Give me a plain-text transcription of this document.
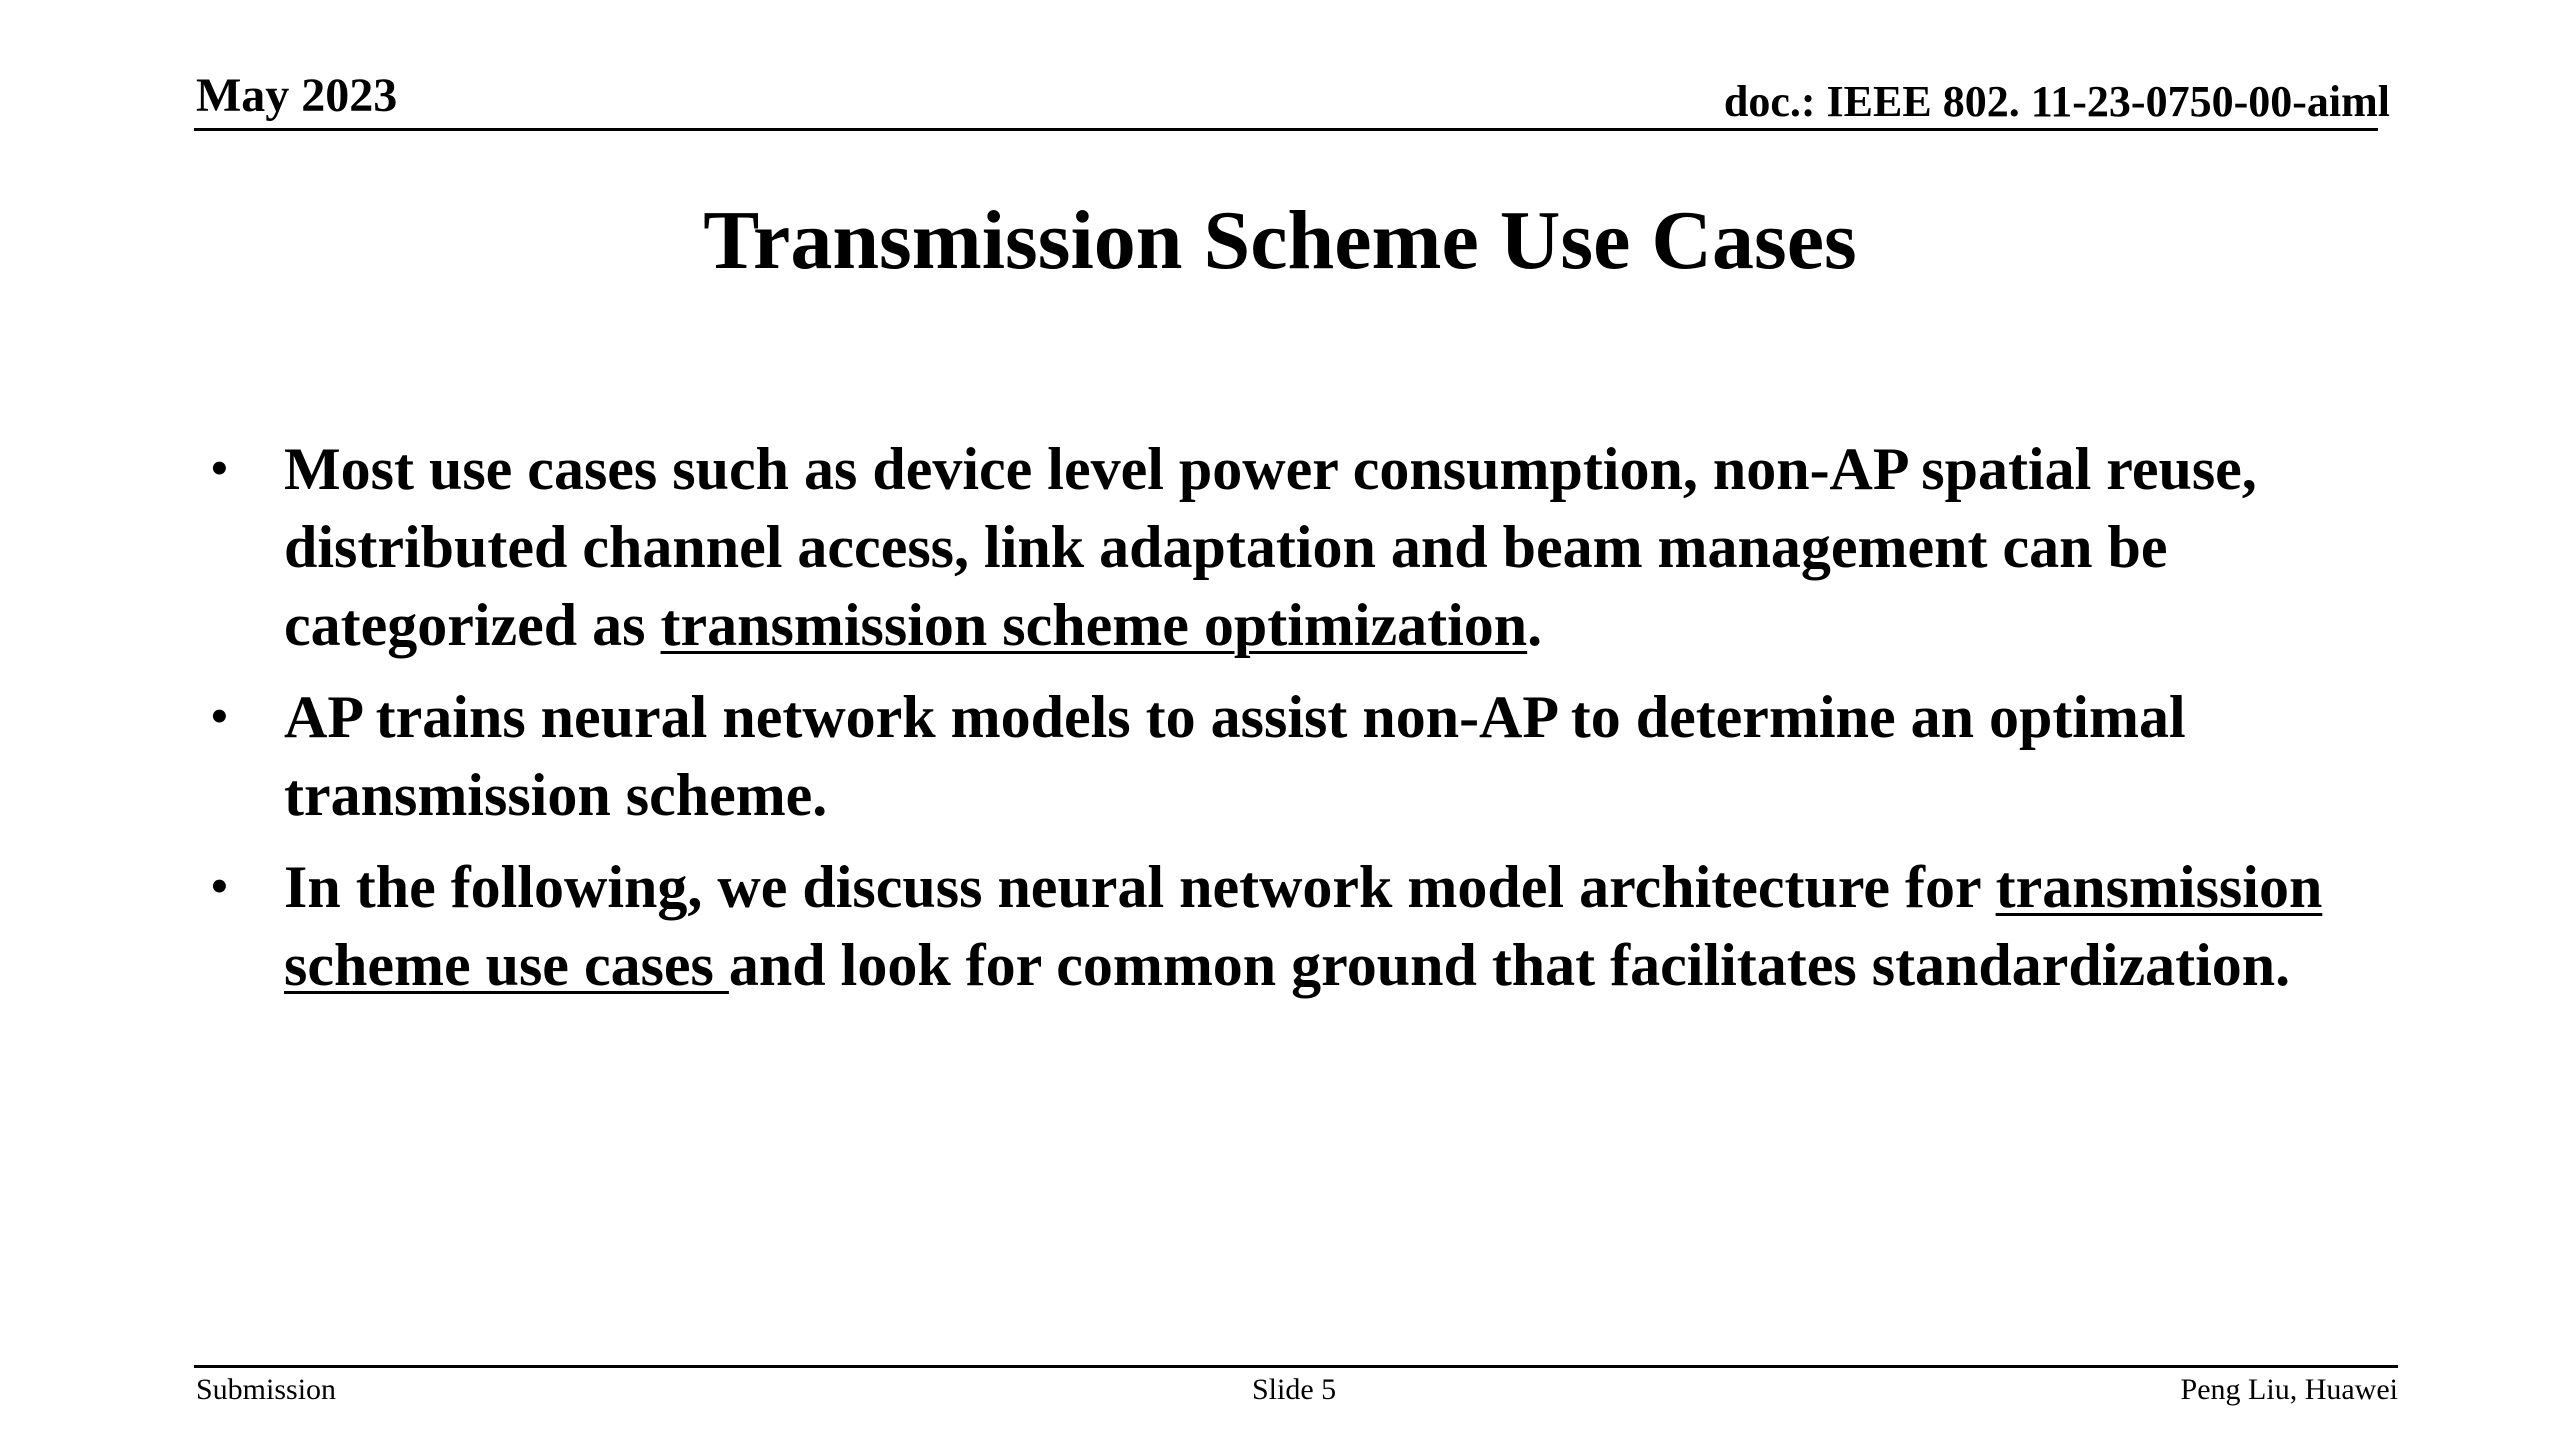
May 2023	doc.: IEEE 802. 11-23-0750-00-aiml
Transmission Scheme Use Cases
• Most use cases such as device level power consumption, non-AP spatial reuse, distributed channel access, link adaptation and beam management can be categorized as transmission scheme optimization.
• AP trains neural network models to assist non-AP to determine an optimal transmission scheme.
• In the following, we discuss neural network model architecture for transmission scheme use cases and look for common ground that facilitates standardization.
Submission	Slide 5	Peng Liu, Huawei
